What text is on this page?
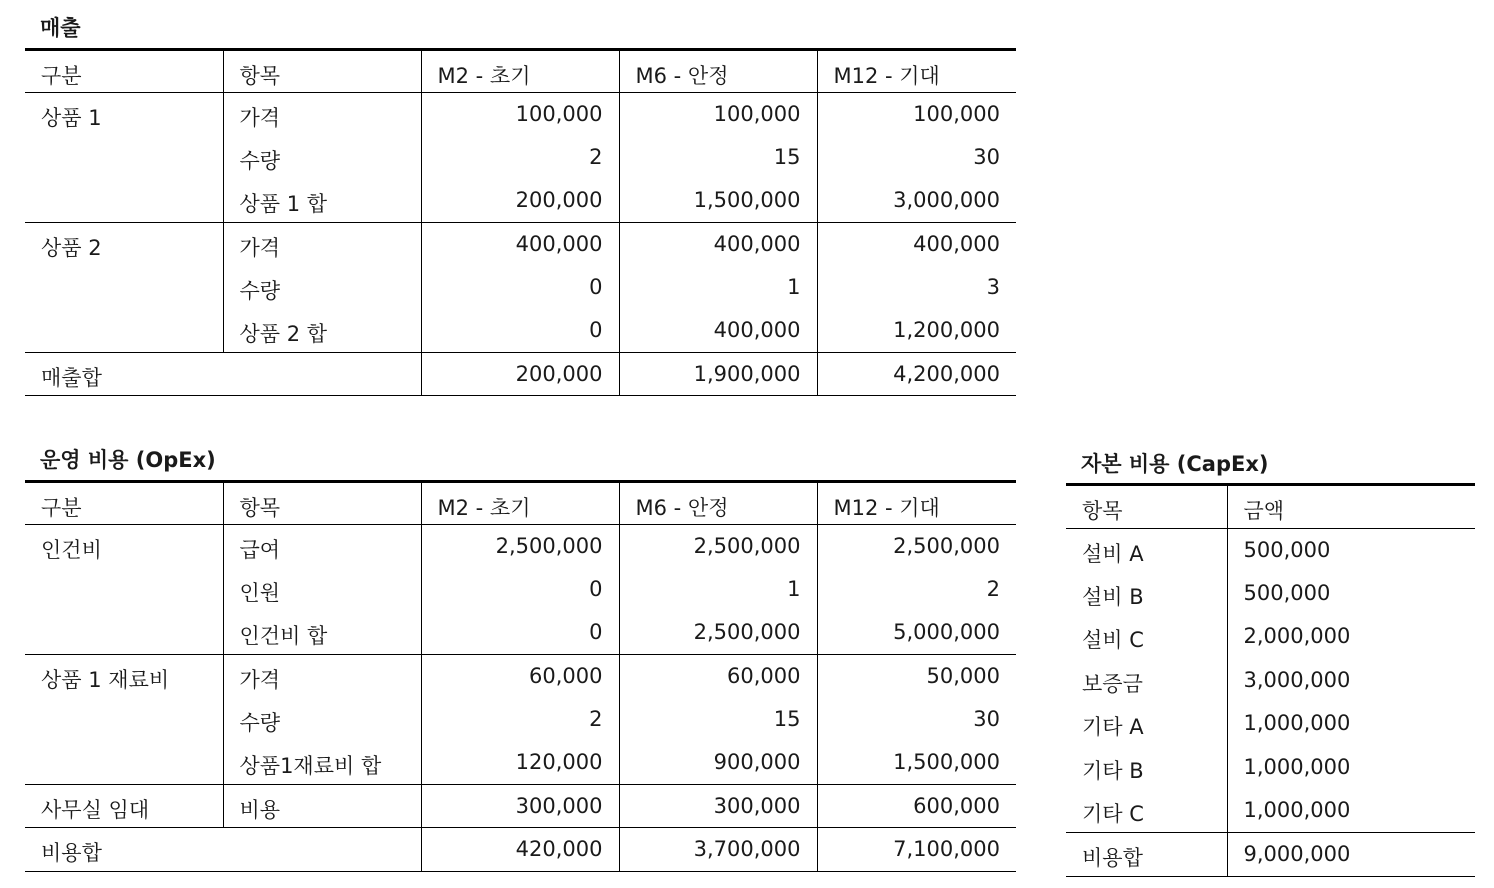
매출
구분	항목	M2 - 초기	M6 - 안정	M12 - 기대
상품 1	가격	100,000	100,000	100,000
	수량	2	15	30
	상품 1 합	200,000	1,500,000	3,000,000
상품 2	가격	400,000	400,000	400,000
	수량	0	1	3
	상품 2 합	0	400,000	1,200,000
매출합		200,000	1,900,000	4,200,000
운영 비용 (OpEx)
구분	항목	M2 - 초기	M6 - 안정	M12 - 기대
인건비	급여	2,500,000	2,500,000	2,500,000
	인원	0	1	2
	인건비 합	0	2,500,000	5,000,000
상품 1 재료비	가격	60,000	60,000	50,000
	수량	2	15	30
	상품1재료비 합	120,000	900,000	1,500,000
사무실 임대	비용	300,000	300,000	600,000
비용합		420,000	3,700,000	7,100,000
자본 비용 (CapEx)
항목	금액
설비 A	500,000
설비 B	500,000
설비 C	2,000,000
보증금	3,000,000
기타 A	1,000,000
기타 B	1,000,000
기타 C	1,000,000
비용합	9,000,000
